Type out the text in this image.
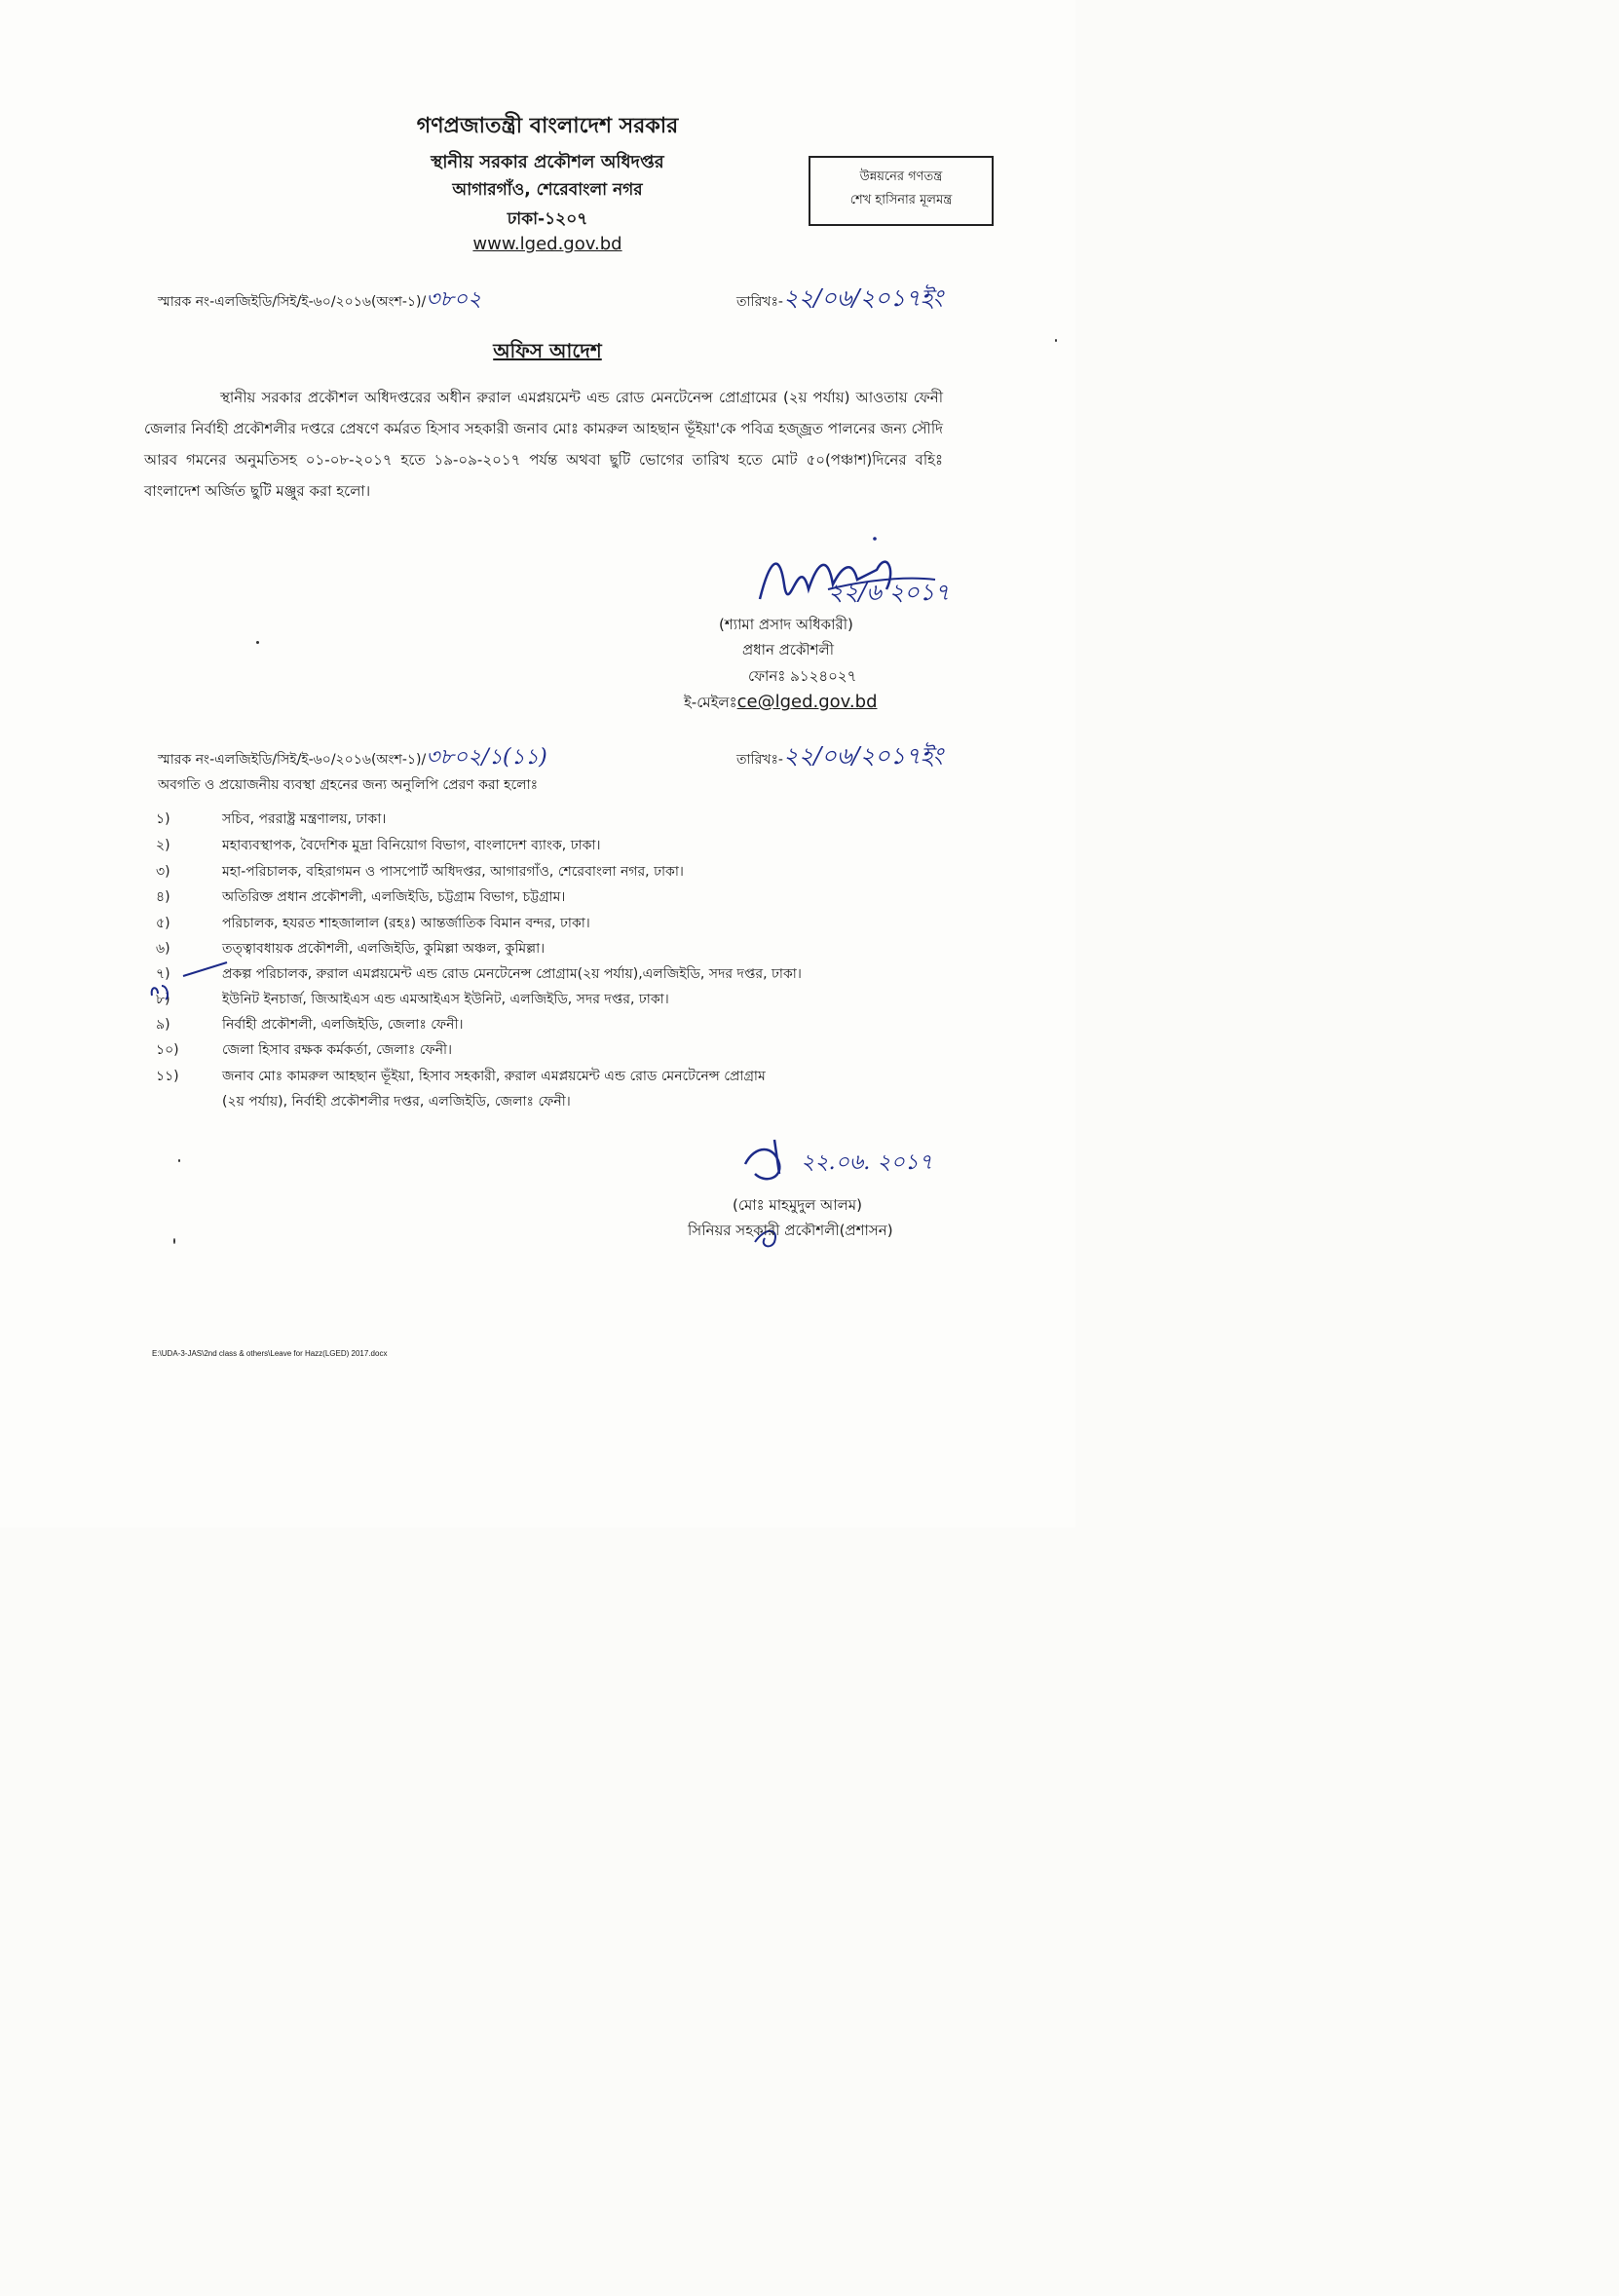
গণপ্রজাতন্ত্রী বাংলাদেশ সরকার
স্থানীয় সরকার প্রকৌশল অধিদপ্তর
আগারগাঁও, শেরেবাংলা নগর
ঢাকা-১২০৭
www.lged.gov.bd
উন্নয়নের গণতন্ত্র
শেখ হাসিনার মূলমন্ত্র
স্মারক নং-এলজিইডি/সিই/ই-৬০/২০১৬(অংশ-১)/৩৮০২	তারিখঃ-২২/০৬/২০১৭ইং
অফিস আদেশ
স্থানীয় সরকার প্রকৌশল অধিদপ্তরের অধীন রুরাল এমপ্লয়মেন্ট এন্ড রোড মেনটেনেন্স প্রোগ্রামের (২য় পর্যায়) আওতায় ফেনী জেলার নির্বাহী প্রকৌশলীর দপ্তরে প্রেষণে কর্মরত হিসাব সহকারী জনাব মোঃ কামরুল আহছান ভূঁইয়া'কে পবিত্র হজ্জ্রত পালনের জন্য সৌদি আরব গমনের অনুমতিসহ ০১-০৮-২০১৭ হতে ১৯-০৯-২০১৭ পর্যন্ত অথবা ছুটি ভোগের তারিখ হতে মোট ৫০(পঞ্চাশ)দিনের বহিঃ বাংলাদেশ অর্জিত ছুটি মঞ্জুর করা হলো।
২২/৬ ২০১৭
(শ্যামা প্রসাদ অধিকারী)
প্রধান প্রকৌশলী
ফোনঃ ৯১২৪০২৭
ই-মেইলঃce@lged.gov.bd
স্মারক নং-এলজিইডি/সিই/ই-৬০/২০১৬(অংশ-১)/৩৮০২/১(১১)	তারিখঃ-২২/০৬/২০১৭ইং
অবগতি ও প্রয়োজনীয় ব্যবস্থা গ্রহনের জন্য অনুলিপি প্রেরণ করা হলোঃ
১)	সচিব, পররাষ্ট্র মন্ত্রণালয়, ঢাকা।
২)	মহাব্যবস্থাপক, বৈদেশিক মুদ্রা বিনিয়োগ বিভাগ, বাংলাদেশ ব্যাংক, ঢাকা।
৩)	মহা-পরিচালক, বহিরাগমন ও পাসপোর্ট অধিদপ্তর, আগারগাঁও, শেরেবাংলা নগর, ঢাকা।
৪)	অতিরিক্ত প্রধান প্রকৌশলী, এলজিইডি, চট্টগ্রাম বিভাগ, চট্টগ্রাম।
৫)	পরিচালক, হযরত শাহজালাল (রহঃ) আন্তর্জাতিক বিমান বন্দর, ঢাকা।
৬)	তত্ত্বাবধায়ক প্রকৌশলী, এলজিইডি, কুমিল্লা অঞ্চল, কুমিল্লা।
৭)	প্রকল্প পরিচালক, রুরাল এমপ্লয়মেন্ট এন্ড রোড মেনটেনেন্স প্রোগ্রাম(২য় পর্যায়),এলজিইডি, সদর দপ্তর, ঢাকা।
৮)	ইউনিট ইনচার্জ, জিআইএস এন্ড এমআইএস ইউনিট, এলজিইডি, সদর দপ্তর, ঢাকা।
৯)	নির্বাহী প্রকৌশলী, এলজিইডি, জেলাঃ ফেনী।
১০)	জেলা হিসাব রক্ষক কর্মকর্তা, জেলাঃ ফেনী।
১১)	জনাব মোঃ কামরুল আহছান ভূঁইয়া, হিসাব সহকারী, রুরাল এমপ্লয়মেন্ট এন্ড রোড মেনটেনেন্স প্রোগ্রাম
(২য় পর্যায়), নির্বাহী প্রকৌশলীর দপ্তর, এলজিইডি, জেলাঃ ফেনী।
২২.০৬. ২০১৭
(মোঃ মাহমুদুল আলম)
সিনিয়র সহকারী প্রকৌশলী(প্রশাসন)
E:\UDA-3-JAS\2nd class & others\Leave for Hazz(LGED) 2017.docx
